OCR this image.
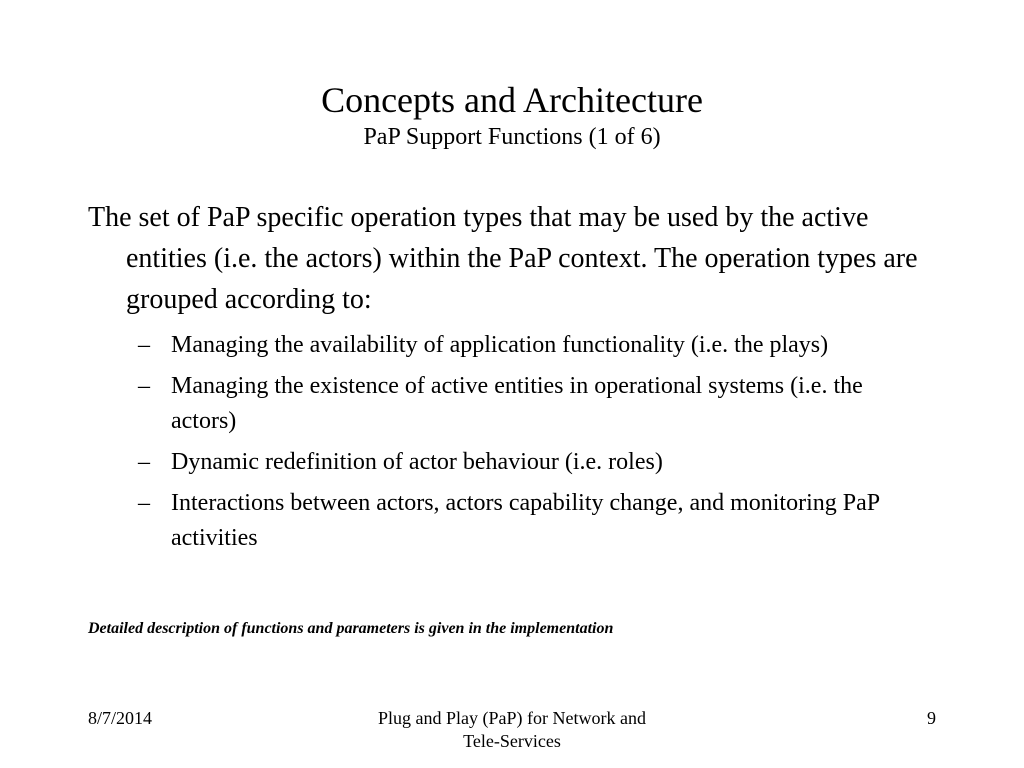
Concepts and Architecture
PaP Support Functions (1 of 6)

The set of PaP specific operation types that may be used by the active entities (i.e. the actors) within the PaP context. The operation types are grouped according to:

– Managing the availability of application functionality (i.e. the plays)
– Managing the existence of active entities in operational systems (i.e. the actors)
– Dynamic redefinition of actor behaviour (i.e. roles)
– Interactions between actors, actors capability change, and monitoring PaP activities

Detailed description of functions and parameters is given in the implementation

8/7/2014	Plug and Play (PaP) for Network and
Tele-Services
9
